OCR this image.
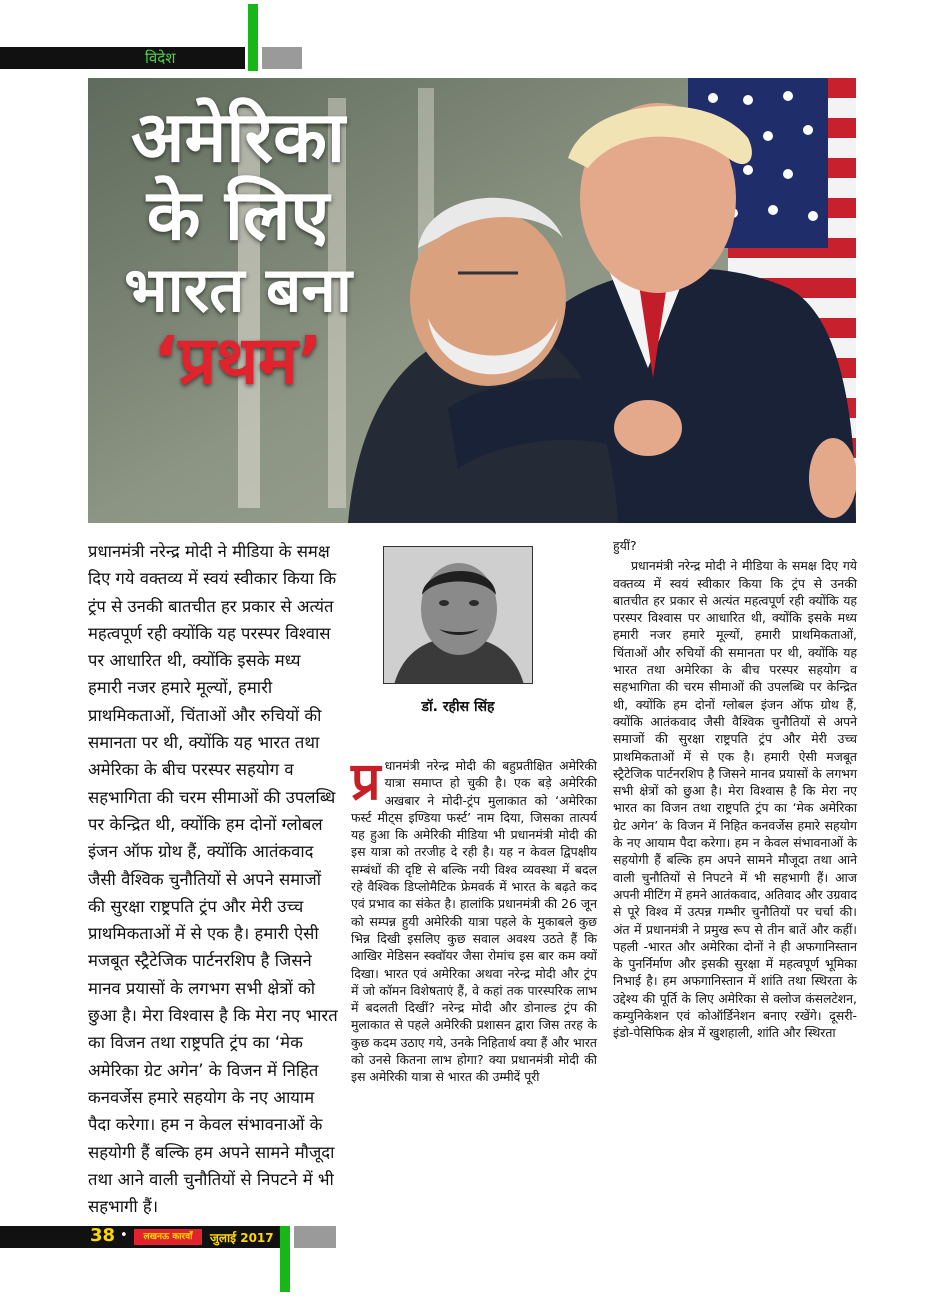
विदेश
अमेरिका
के लिए
भारत बना
‘प्रथम’
प्रधानमंत्री नरेन्द्र मोदी ने मीडिया के समक्ष दिए गये वक्तव्य में स्वयं स्वीकार किया कि ट्रंप से उनकी बातचीत हर प्रकार से अत्यंत महत्वपूर्ण रही क्योंकि यह परस्पर विश्वास पर आधारित थी, क्योंकि इसके मध्य हमारी नजर हमारे मूल्यों, हमारी प्राथमिकताओं, चिंताओं और रुचियों की समानता पर थी, क्योंकि यह भारत तथा अमेरिका के बीच परस्पर सहयोग व सहभागिता की चरम सीमाओं की उपलब्धि पर केन्द्रित थी, क्योंकि हम दोनों ग्लोबल इंजन ऑफ ग्रोथ हैं, क्योंकि आतंकवाद जैसी वैश्विक चुनौतियों से अपने समाजों की सुरक्षा राष्ट्रपति ट्रंप और मेरी उच्च प्राथमिकताओं में से एक है। हमारी ऐसी मजबूत स्ट्रैटेजिक पार्टनरशिप है जिसने मानव प्रयासों के लगभग सभी क्षेत्रों को छुआ है। मेरा विश्वास है कि मेरा नए भारत का विजन तथा राष्ट्रपति ट्रंप का ‘मेक अमेरिका ग्रेट अगेन’ के विजन में निहित कनवर्जेस हमारे सहयोग के नए आयाम पैदा करेगा। हम न केवल संभावनाओं के सहयोगी हैं बल्कि हम अपने सामने मौजूदा तथा आने वाली चुनौतियों से निपटने में भी सहभागी हैं।
डॉ. रहीस सिंह
प्र धानमंत्री नरेन्द्र मोदी की बहुप्रतीक्षित अमेरिकी यात्रा समाप्त हो चुकी है। एक बड़े अमेरिकी अखबार ने मोदी-ट्रंप मुलाकात को ‘अमेरिका फर्स्ट मीट्स इण्डिया फर्स्ट’ नाम दिया, जिसका तात्पर्य यह हुआ कि अमेरिकी मीडिया भी प्रधानमंत्री मोदी की इस यात्रा को तरजीह दे रही है। यह न केवल द्विपक्षीय सम्बंधों की दृष्टि से बल्कि नयी विश्व व्यवस्था में बदल रहे वैश्विक डिप्लोमैटिक फ्रेमवर्क में भारत के बढ़ते कद एवं प्रभाव का संकेत है। हालांकि प्रधानमंत्री की 26 जून को सम्पन्न हुयी अमेरिकी यात्रा पहले के मुकाबले कुछ भिन्न दिखी इसलिए कुछ सवाल अवश्य उठते हैं कि आखिर मेडिसन स्क्वॉयर जैसा रोमांच इस बार कम क्यों दिखा। भारत एवं अमेरिका अथवा नरेन्द्र मोदी और ट्रंप में जो कॉमन विशेषताएं हैं, वे कहां तक पारस्परिक लाभ में बदलती दिखीं? नरेन्द्र मोदी और डोनाल्ड ट्रंप की मुलाकात से पहले अमेरिकी प्रशासन द्वारा जिस तरह के कुछ कदम उठाए गये, उनके निहितार्थ क्या हैं और भारत को उनसे कितना लाभ होगा? क्या प्रधानमंत्री मोदी की इस अमेरिकी यात्रा से भारत की उम्मीदें पूरी
हुयीं?
प्रधानमंत्री नरेन्द्र मोदी ने मीडिया के समक्ष दिए गये वक्तव्य में स्वयं स्वीकार किया कि ट्रंप से उनकी बातचीत हर प्रकार से अत्यंत महत्वपूर्ण रही क्योंकि यह परस्पर विश्वास पर आधारित थी, क्योंकि इसके मध्य हमारी नजर हमारे मूल्यों, हमारी प्राथमिकताओं, चिंताओं और रुचियों की समानता पर थी, क्योंकि यह भारत तथा अमेरिका के बीच परस्पर सहयोग व सहभागिता की चरम सीमाओं की उपलब्धि पर केन्द्रित थी, क्योंकि हम दोनों ग्लोबल इंजन ऑफ ग्रोथ हैं, क्योंकि आतंकवाद जैसी वैश्विक चुनौतियों से अपने समाजों की सुरक्षा राष्ट्रपति ट्रंप और मेरी उच्च प्राथमिकताओं में से एक है। हमारी ऐसी मजबूत स्ट्रैटेजिक पार्टनरशिप है जिसने मानव प्रयासों के लगभग सभी क्षेत्रों को छुआ है। मेरा विश्वास है कि मेरा नए भारत का विजन तथा राष्ट्रपति ट्रंप का ‘मेक अमेरिका ग्रेट अगेन’ के विजन में निहित कनवर्जेस हमारे सहयोग के नए आयाम पैदा करेगा। हम न केवल संभावनाओं के सहयोगी हैं बल्कि हम अपने सामने मौजूदा तथा आने वाली चुनौतियों से निपटने में भी सहभागी हैं। आज अपनी मीटिंग में हमने आतंकवाद, अतिवाद और उग्रवाद से पूरे विश्व में उत्पन्न गम्भीर चुनौतियों पर चर्चा की। अंत में प्रधानमंत्री ने प्रमुख रूप से तीन बातें और कहीं। पहली -भारत और अमेरिका दोनों ने ही अफगानिस्तान के पुनर्निर्माण और इसकी सुरक्षा में महत्वपूर्ण भूमिका निभाई है। हम अफगानिस्तान में शांति तथा स्थिरता के उद्देश्य की पूर्ति के लिए अमेरिका से क्लोज कंसलटेशन, कम्युनिकेशन एवं कोऑर्डिनेशन बनाए रखेंगे। दूसरी-इंडो-पेसिफिक क्षेत्र में खुशहाली, शांति और स्थिरता
38 •	लखनऊ कारवाँ	जुलाई 2017
